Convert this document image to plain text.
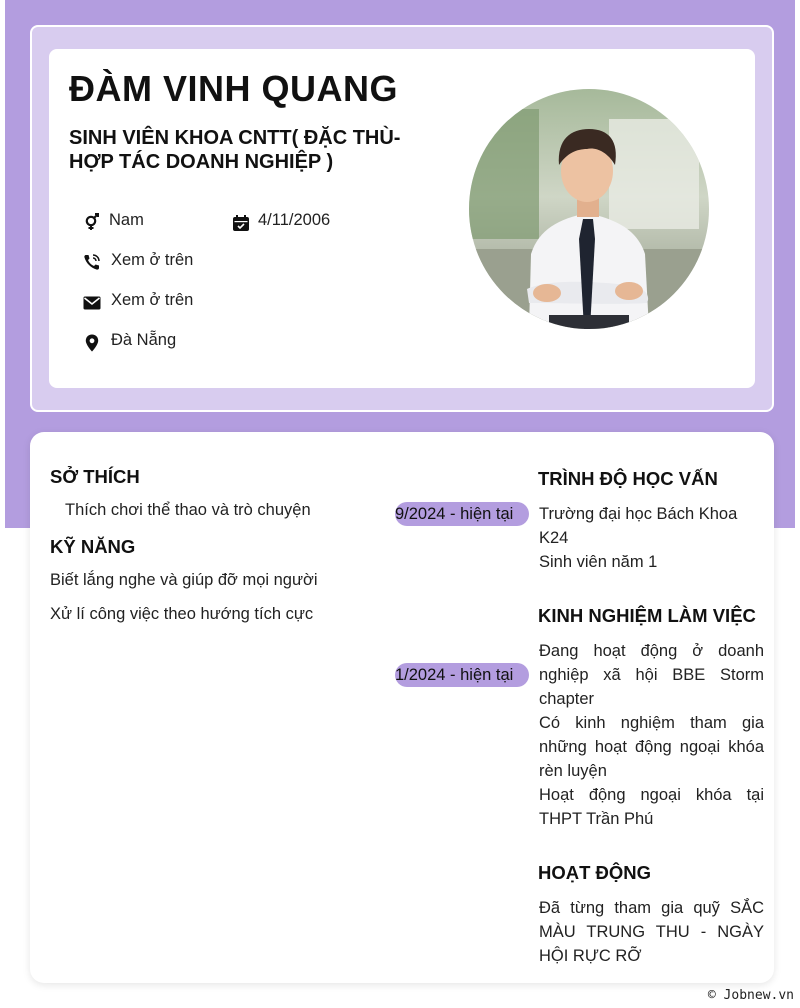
ĐÀM VINH QUANG
SINH VIÊN KHOA CNTT( ĐẶC THÙ- HỢP TÁC DOANH NGHIỆP )
Nam	4/11/2006
Xem ở trên
Xem ở trên
Đà Nẵng
SỞ THÍCH
Thích chơi thể thao và trò chuyện
KỸ NĂNG
Biết lắng nghe và giúp đỡ mọi người
Xử lí công việc theo hướng tích cực
TRÌNH ĐỘ HỌC VẤN
9/2024 - hiện tại	Trường đại học Bách Khoa K24
Sinh viên năm 1
KINH NGHIỆM LÀM VIỆC
1/2024 - hiện tại
Đang hoạt động ở doanh nghiệp xã hội BBE Storm chapter
Có kinh nghiệm tham gia những hoạt động ngoại khóa rèn luyện
Hoạt động ngoại khóa tại THPT Trần Phú
HOẠT ĐỘNG
Đã từng tham gia quỹ SẮC MÀU TRUNG THU - NGÀY HỘI RỰC RỠ
© Jobnew.vn
